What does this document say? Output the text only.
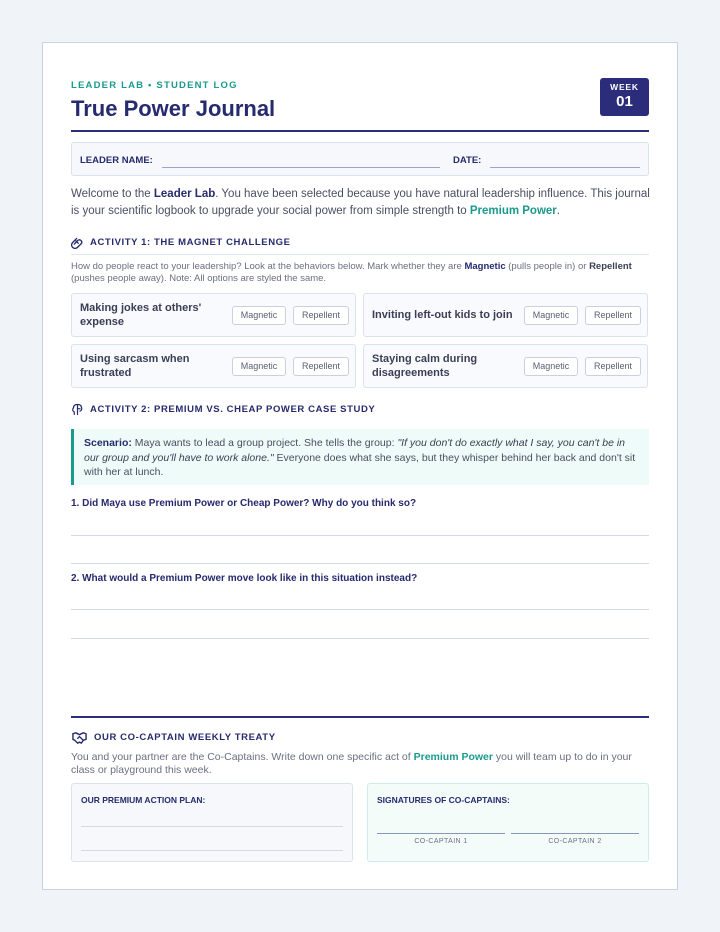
LEADER LAB • STUDENT LOG
True Power Journal
WEEK
01
LEADER NAME:	DATE:
Welcome to the Leader Lab. You have been selected because you have natural leadership influence. This journal is your scientific logbook to upgrade your social power from simple strength to Premium Power.
ACTIVITY 1: THE MAGNET CHALLENGE
How do people react to your leadership? Look at the behaviors below. Mark whether they are Magnetic (pulls people in) or Repellent (pushes people away). Note: All options are styled the same.
Making jokes at others' expense
Magnetic	Repellent	Inviting left-out kids to join	Magnetic	Repellent
Using sarcasm when frustrated
Magnetic	Repellent
Staying calm during disagreements
Magnetic	Repellent
ACTIVITY 2: PREMIUM VS. CHEAP POWER CASE STUDY
Scenario: Maya wants to lead a group project. She tells the group: "If you don't do exactly what I say, you can't be in our group and you'll have to work alone." Everyone does what she says, but they whisper behind her back and don't sit with her at lunch.
1. Did Maya use Premium Power or Cheap Power? Why do you think so?
2. What would a Premium Power move look like in this situation instead?
OUR CO-CAPTAIN WEEKLY TREATY
You and your partner are the Co-Captains. Write down one specific act of Premium Power you will team up to do in your class or playground this week.
OUR PREMIUM ACTION PLAN:	SIGNATURES OF CO-CAPTAINS:
CO-CAPTAIN 1	CO-CAPTAIN 2
